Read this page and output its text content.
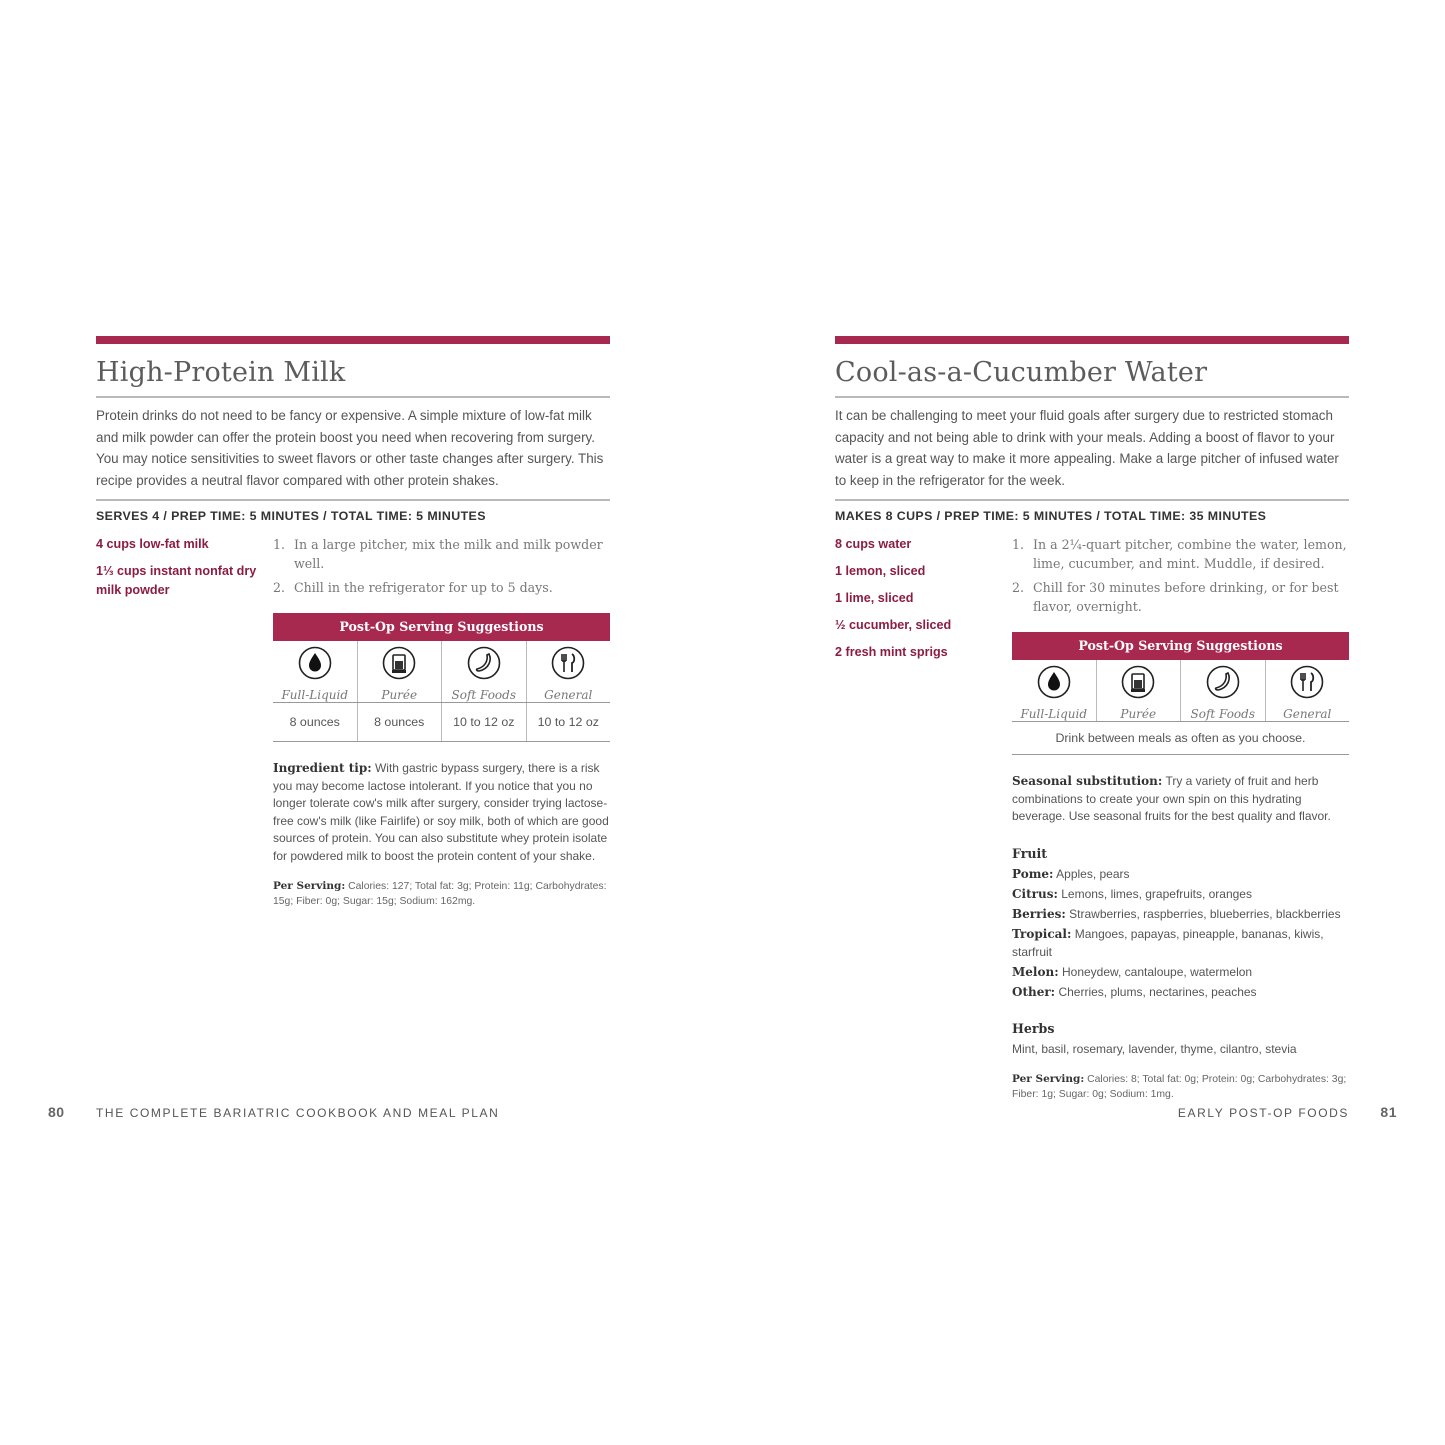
High-Protein Milk

Protein drinks do not need to be fancy or expensive. A simple mixture of low-fat milk and milk powder can offer the protein boost you need when recovering from surgery. You may notice sensitivities to sweet flavors or other taste changes after surgery. This recipe provides a neutral flavor compared with other protein shakes.

SERVES 4 / PREP TIME: 5 MINUTES / TOTAL TIME: 5 MINUTES
4 cups low-fat milk
1⅓ cups instant nonfat dry milk powder
1. In a large pitcher, mix the milk and milk powder well.
2. Chill in the refrigerator for up to 5 days.
Post-Op Serving Suggestions
Full-Liquid	Purée	Soft Foods	General
8 ounces	8 ounces	10 to 12 oz	10 to 12 oz

Ingredient tip: With gastric bypass surgery, there is a risk you may become lactose intolerant. If you notice that you no longer tolerate cow's milk after surgery, consider trying lactose-free cow's milk (like Fairlife) or soy milk, both of which are good sources of protein. You can also substitute whey protein isolate for powdered milk to boost the protein content of your shake.

Per Serving: Calories: 127; Total fat: 3g; Protein: 11g; Carbohydrates: 15g; Fiber: 0g; Sugar: 15g; Sodium: 162mg.

Cool-as-a-Cucumber Water

It can be challenging to meet your fluid goals after surgery due to restricted stomach capacity and not being able to drink with your meals. Adding a boost of flavor to your water is a great way to make it more appealing. Make a large pitcher of infused water to keep in the refrigerator for the week.

MAKES 8 CUPS / PREP TIME: 5 MINUTES / TOTAL TIME: 35 MINUTES
8 cups water
1 lemon, sliced
1 lime, sliced
½ cucumber, sliced
2 fresh mint sprigs
1. In a 2¼-quart pitcher, combine the water, lemon, lime, cucumber, and mint. Muddle, if desired.
2. Chill for 30 minutes before drinking, or for best flavor, overnight.
Post-Op Serving Suggestions
Full-Liquid	Purée	Soft Foods	General
Drink between meals as often as you choose.

Seasonal substitution: Try a variety of fruit and herb combinations to create your own spin on this hydrating beverage. Use seasonal fruits for the best quality and flavor.

Fruit
Pome: Apples, pears
Citrus: Lemons, limes, grapefruits, oranges
Berries: Strawberries, raspberries, blueberries, blackberries
Tropical: Mangoes, papayas, pineapple, bananas, kiwis, starfruit
Melon: Honeydew, cantaloupe, watermelon
Other: Cherries, plums, nectarines, peaches
Herbs
Mint, basil, rosemary, lavender, thyme, cilantro, stevia

Per Serving: Calories: 8; Total fat: 0g; Protein: 0g; Carbohydrates: 3g; Fiber: 1g; Sugar: 0g; Sodium: 1mg.

80	THE COMPLETE BARIATRIC COOKBOOK AND MEAL PLAN	EARLY POST-OP FOODS 81
